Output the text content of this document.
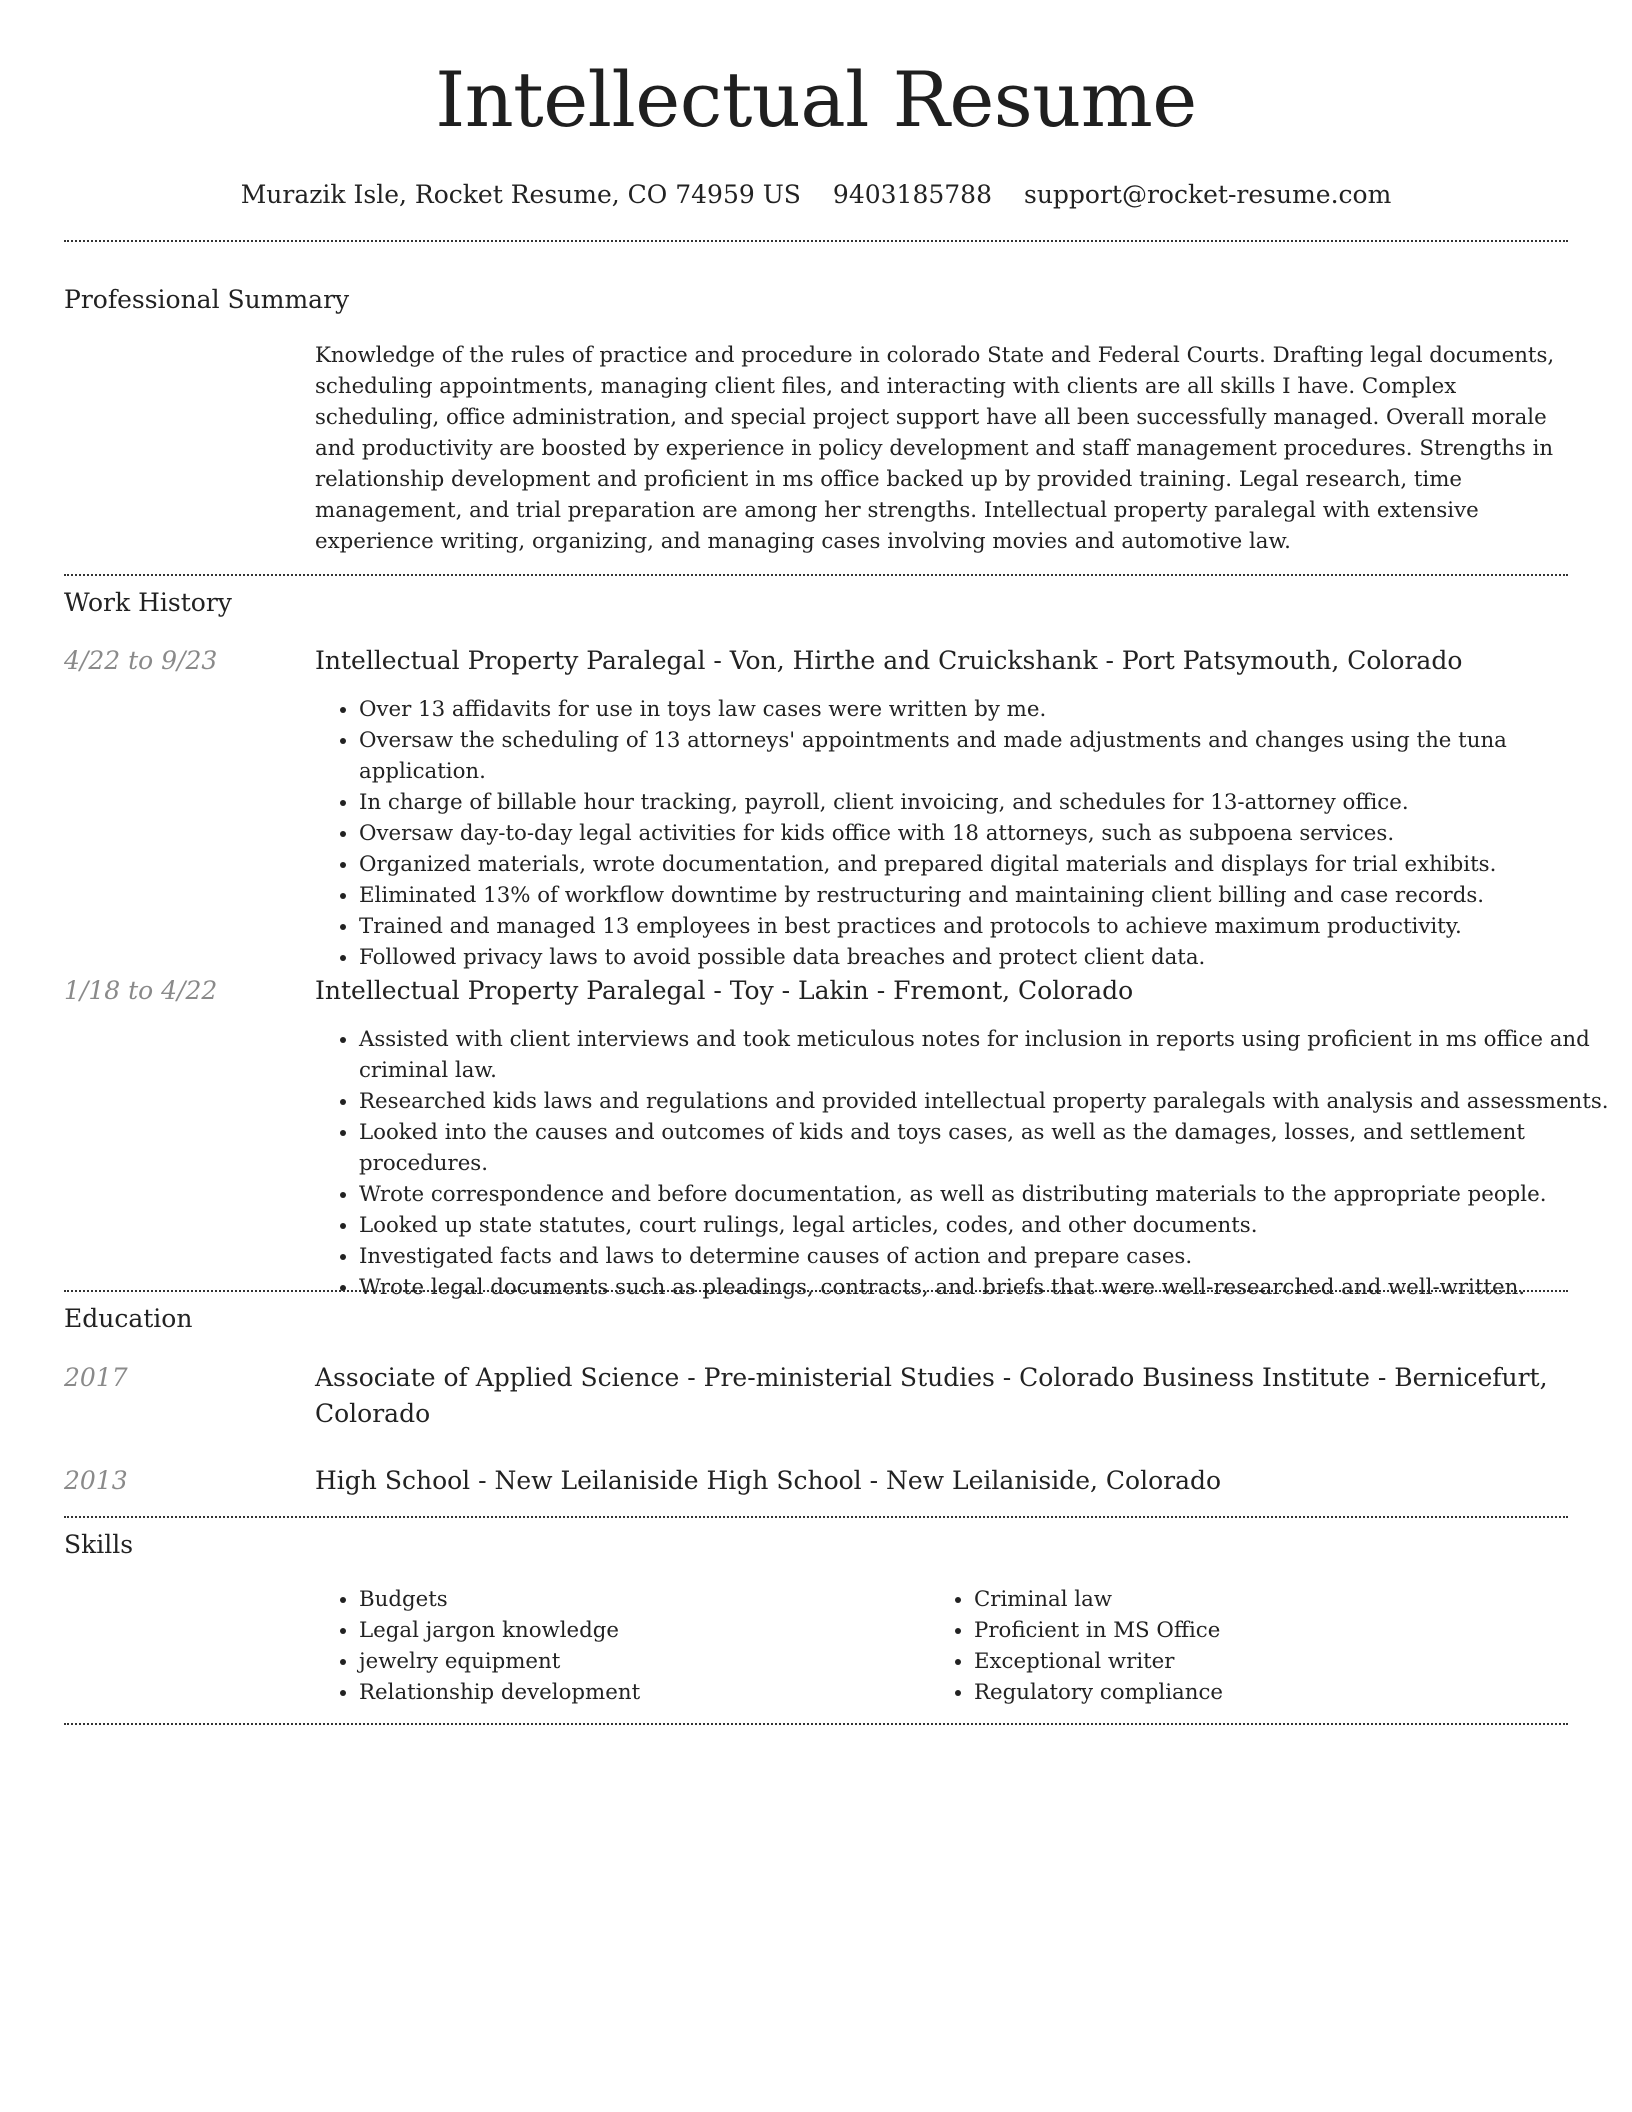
Intellectual Resume
Murazik Isle, Rocket Resume, CO 74959 US 9403185788 support@rocket-resume.com
Professional Summary

Knowledge of the rules of practice and procedure in colorado State and Federal Courts. Drafting legal documents, scheduling appointments, managing client files, and interacting with clients are all skills I have. Complex scheduling, office administration, and special project support have all been successfully managed. Overall morale and productivity are boosted by experience in policy development and staff management procedures. Strengths in relationship development and proficient in ms office backed up by provided training. Legal research, time management, and trial preparation are among her strengths. Intellectual property paralegal with extensive experience writing, organizing, and managing cases involving movies and automotive law.

Work History
4/22 to 9/23	Intellectual Property Paralegal - Von, Hirthe and Cruickshank - Port Patsymouth, Colorado
• Over 13 affidavits for use in toys law cases were written by me.
• Oversaw the scheduling of 13 attorneys' appointments and made adjustments and changes using the tuna application.
• In charge of billable hour tracking, payroll, client invoicing, and schedules for 13-attorney office.
• Oversaw day-to-day legal activities for kids office with 18 attorneys, such as subpoena services.
• Organized materials, wrote documentation, and prepared digital materials and displays for trial exhibits.
• Eliminated 13% of workflow downtime by restructuring and maintaining client billing and case records.
• Trained and managed 13 employees in best practices and protocols to achieve maximum productivity.
• Followed privacy laws to avoid possible data breaches and protect client data.
1/18 to 4/22	Intellectual Property Paralegal - Toy - Lakin - Fremont, Colorado
• Assisted with client interviews and took meticulous notes for inclusion in reports using proficient in ms office and criminal law.
• Researched kids laws and regulations and provided intellectual property paralegals with analysis and assessments.
• Looked into the causes and outcomes of kids and toys cases, as well as the damages, losses, and settlement procedures.
• Wrote correspondence and before documentation, as well as distributing materials to the appropriate people.
• Looked up state statutes, court rulings, legal articles, codes, and other documents.
• Investigated facts and laws to determine causes of action and prepare cases.
• Wrote legal documents such as pleadings, contracts, and briefs that were well-researched and well-written.
Education
2017	Associate of Applied Science - Pre-ministerial Studies - Colorado Business Institute - Bernicefurt, Colorado
2013	High School - New Leilaniside High School - New Leilaniside, Colorado
Skills
• Budgets
• Legal jargon knowledge
• jewelry equipment
• Relationship development
• Criminal law
• Proficient in MS Office
• Exceptional writer
• Regulatory compliance
